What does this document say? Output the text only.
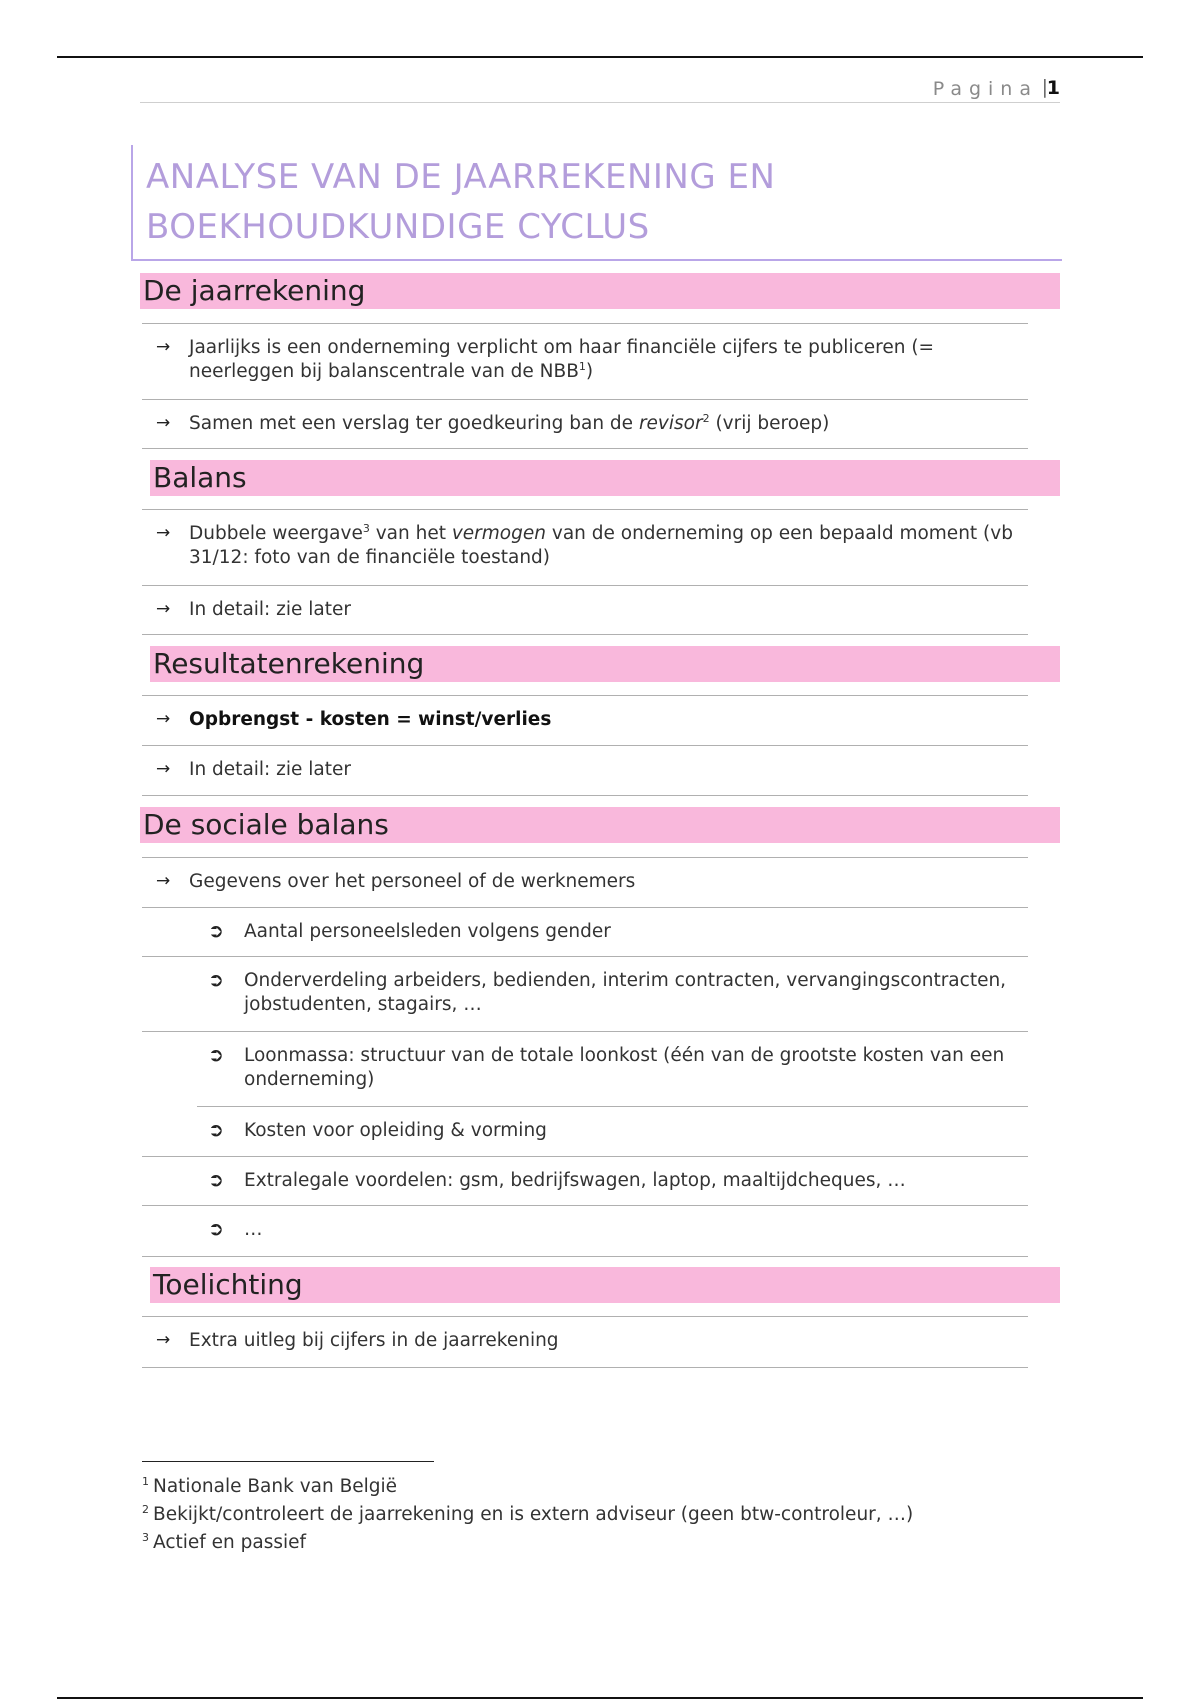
Pagina |
1
ANALYSE VAN DE JAARREKENING EN
BOEKHOUDKUNDIGE CYCLUS
De jaarrekening
→ Jaarlijks is een onderneming verplicht om haar financiële cijfers te publiceren (= neerleggen bij balanscentrale van de $NBB^1$)
→ Samen met een verslag ter goedkeuring ban de revisor$^2$ (vrij beroep)
Balans
→ Dubbele weergave$^3$ van het vermogen van de onderneming op een bepaald moment (vb 31/12: foto van de financiële toestand)
→ In detail: zie later
Resultatenrekening
→ Opbrengst - kosten = winst/verlies
→ In detail: zie later
De sociale balans
→ Gegevens over het personeel of de werknemers
➲ Aantal personeelsleden volgens gender
➲ Onderverdeling arbeiders, bedienden, interim contracten, vervangingscontracten, jobstudenten, stagairs, …
➲ Loonmassa: structuur van de totale loonkost (één van de grootste kosten van een onderneming)
➲ Kosten voor opleiding & vorming
➲ Extralegale voordelen: gsm, bedrijfswagen, laptop, maaltijdcheques, …
➲ …
Toelichting
→ Extra uitleg bij cijfers in de jaarrekening
$^1$ Nationale Bank van België
$^2$ Bekijkt/controleert de jaarrekening en is extern adviseur (geen btw-controleur, …)
$^3$ Actief en passief
